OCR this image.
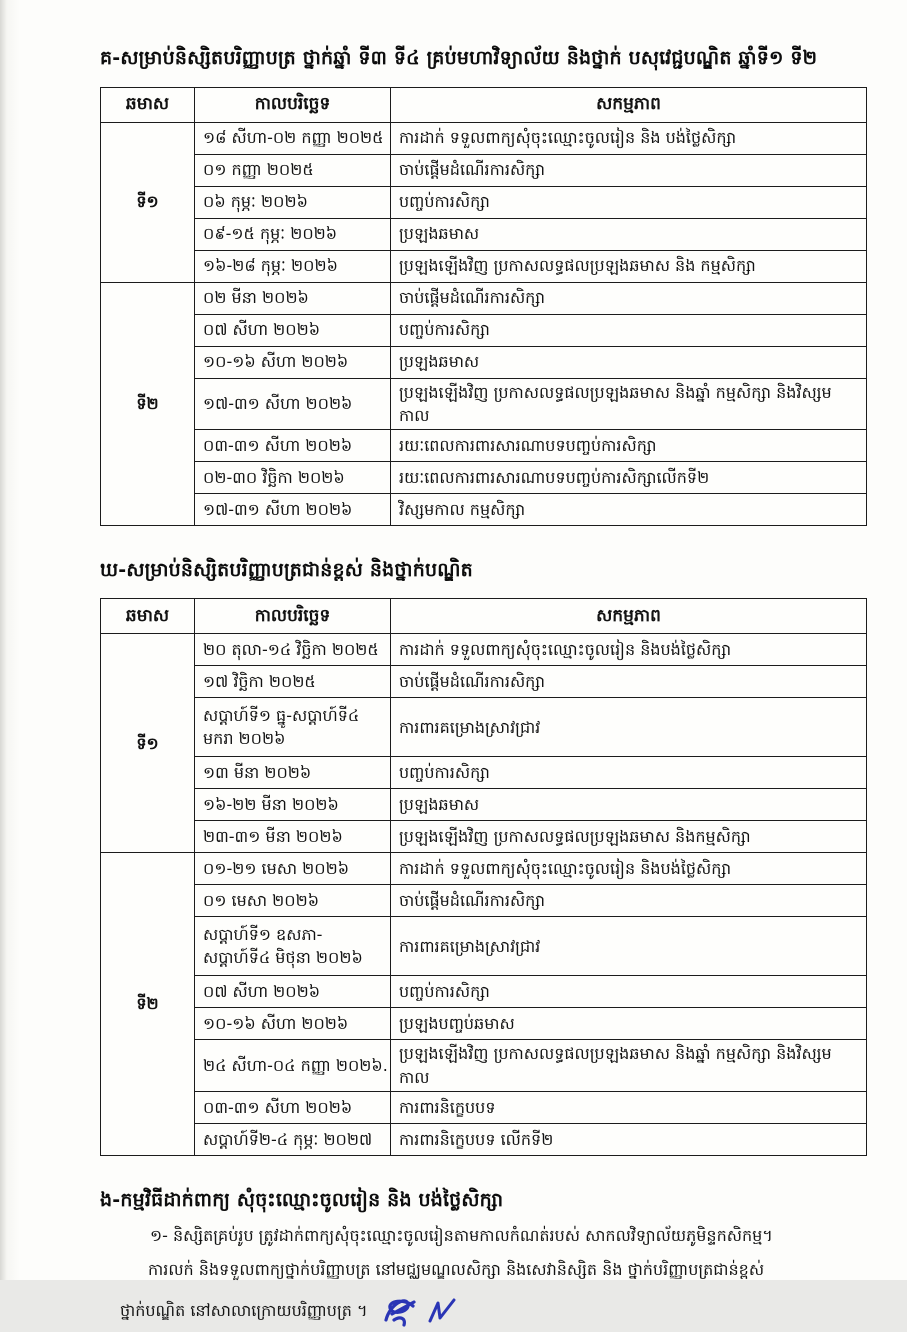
គ-សម្រាប់និស្សិតបរិញ្ញាបត្រ ថ្នាក់ឆ្នាំ ទី៣ ទី៤ គ្រប់មហាវិទ្យាល័យ និងថ្នាក់ បសុវេជ្ជបណ្ឌិត ឆ្នាំទី១ ទី២
ឆមាស	កាលបរិច្ឆេទ	សកម្មភាព
ទី១	១៨ សីហា-០២ កញ្ញា ២០២៥	ការដាក់ ទទួលពាក្យសុំចុះឈ្មោះចូលរៀន និង បង់ថ្លៃសិក្សា
	០១ កញ្ញា ២០២៥	ចាប់ផ្ដើមដំណើរការសិក្សា
	០៦ កុម្ភៈ ២០២៦	បញ្ចប់ការសិក្សា
	០៩-១៥ កុម្ភៈ ២០២៦	ប្រឡងឆមាស
	១៦-២៨ កុម្ភៈ ២០២៦	ប្រឡងឡើងវិញ ប្រកាសលទ្ធផលប្រឡងឆមាស និង កម្មសិក្សា
ទី២	០២ មីនា ២០២៦	ចាប់ផ្ដើមដំណើរការសិក្សា
	០៧ សីហា ២០២៦	បញ្ចប់ការសិក្សា
	១០-១៦ សីហា ២០២៦	ប្រឡងឆមាស
	១៧-៣១ សីហា ២០២៦	ប្រឡងឡើងវិញ ប្រកាសលទ្ធផលប្រឡងឆមាស និងឆ្នាំ កម្មសិក្សា និងវិស្សមកាល
	០៣-៣១ សីហា ២០២៦	រយៈពេលការពារសារណាបទបញ្ចប់ការសិក្សា
	០២-៣០ វិច្ឆិកា ២០២៦	រយៈពេលការពារសារណាបទបញ្ចប់ការសិក្សាលើកទី២
	១៧-៣១ សីហា ២០២៦	វិស្សមកាល កម្មសិក្សា
ឃ-សម្រាប់និស្សិតបរិញ្ញាបត្រជាន់ខ្ពស់ និងថ្នាក់បណ្ឌិត
ឆមាស	កាលបរិច្ឆេទ	សកម្មភាព
ទី១	២០ តុលា-១៤ វិច្ឆិកា ២០២៥	ការដាក់ ទទួលពាក្យសុំចុះឈ្មោះចូលរៀន និងបង់ថ្លៃសិក្សា
	១៧ វិច្ឆិកា ២០២៥	ចាប់ផ្ដើមដំណើរការសិក្សា
	សប្ដាហ៍ទី១ ធ្នូ-សប្ដាហ៍ទី៤ មករា ២០២៦	ការពារគម្រោងស្រាវជ្រាវ
	១៣ មីនា ២០២៦	បញ្ចប់ការសិក្សា
	១៦-២២ មីនា ២០២៦	ប្រឡងឆមាស
	២៣-៣១ មីនា ២០២៦	ប្រឡងឡើងវិញ ប្រកាសលទ្ធផលប្រឡងឆមាស និងកម្មសិក្សា
ទី២	០១-២១ មេសា ២០២៦	ការដាក់ ទទួលពាក្យសុំចុះឈ្មោះចូលរៀន និងបង់ថ្លៃសិក្សា
	០១ មេសា ២០២៦	ចាប់ផ្ដើមដំណើរការសិក្សា
	សប្ដាហ៍ទី១ ឧសភា-សប្ដាហ៍ទី៤ មិថុនា ២០២៦	ការពារគម្រោងស្រាវជ្រាវ
	០៧ សីហា ២០២៦	បញ្ចប់ការសិក្សា
	១០-១៦ សីហា ២០២៦	ប្រឡងបញ្ចប់ឆមាស
	២៤ សីហា-០៤ កញ្ញា ២០២៦.	ប្រឡងឡើងវិញ ប្រកាសលទ្ធផលប្រឡងឆមាស និងឆ្នាំ កម្មសិក្សា និងវិស្សមកាល
	០៣-៣១ សីហា ២០២៦	ការពារនិក្ខេបបទ
	សប្ដាហ៍ទី២-៤ កុម្ភៈ ២០២៧	ការពារនិក្ខេបបទ លើកទី២
ង-កម្មវិធីដាក់ពាក្យ សុំចុះឈ្មោះចូលរៀន និង បង់ថ្លៃសិក្សា
១- និស្សិតគ្រប់រូប ត្រូវដាក់ពាក្យសុំចុះឈ្មោះចូលរៀនតាមកាលកំណត់របស់ សាកលវិទ្យាល័យភូមិន្ទកសិកម្ម។
ការលក់ និងទទួលពាក្យថ្នាក់បរិញ្ញាបត្រ នៅមជ្ឈមណ្ឌលសិក្សា និងសេវានិស្សិត និង ថ្នាក់បរិញ្ញាបត្រជាន់ខ្ពស់
ថ្នាក់បណ្ឌិត នៅសាលាក្រោយបរិញ្ញាបត្រ ។
